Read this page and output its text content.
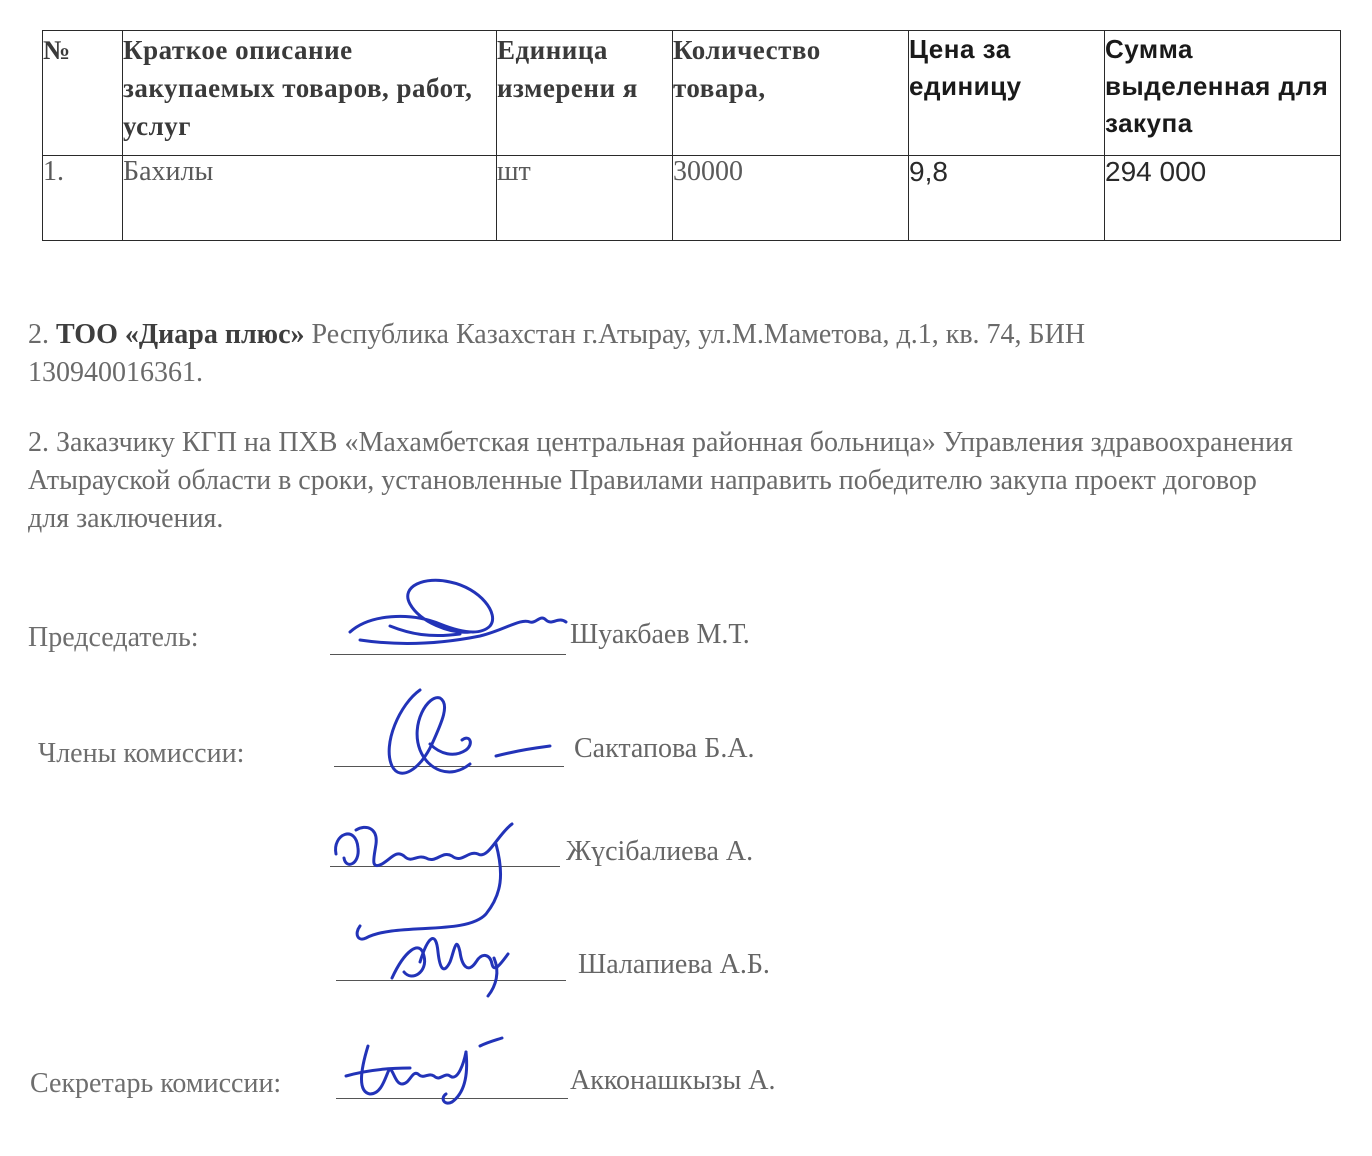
№	Краткое описание закупаемых товаров, работ, услуг	Единица измерени я	Количество товара,	Цена за единицу	Сумма выделенная для закупа
1.	Бахилы	шт	30000	9,8	294 000
2. ТОО «Диара плюс» Республика Казахстан г.Атырау, ул.М.Маметова, д.1, кв. 74, БИН
130940016361.
2. Заказчику КГП на ПХВ «Махамбетская центральная районная больница» Управления здравоохранения Атырауской области в сроки, установленные Правилами направить победителю закупа проект договор для заключения.
Председатель:	Шуакбаев М.Т.
Члены комиссии:	Сактапова Б.А.
Жүсібалиева А.
Шалапиева А.Б.
Секретарь комиссии:	Акконашкызы А.
